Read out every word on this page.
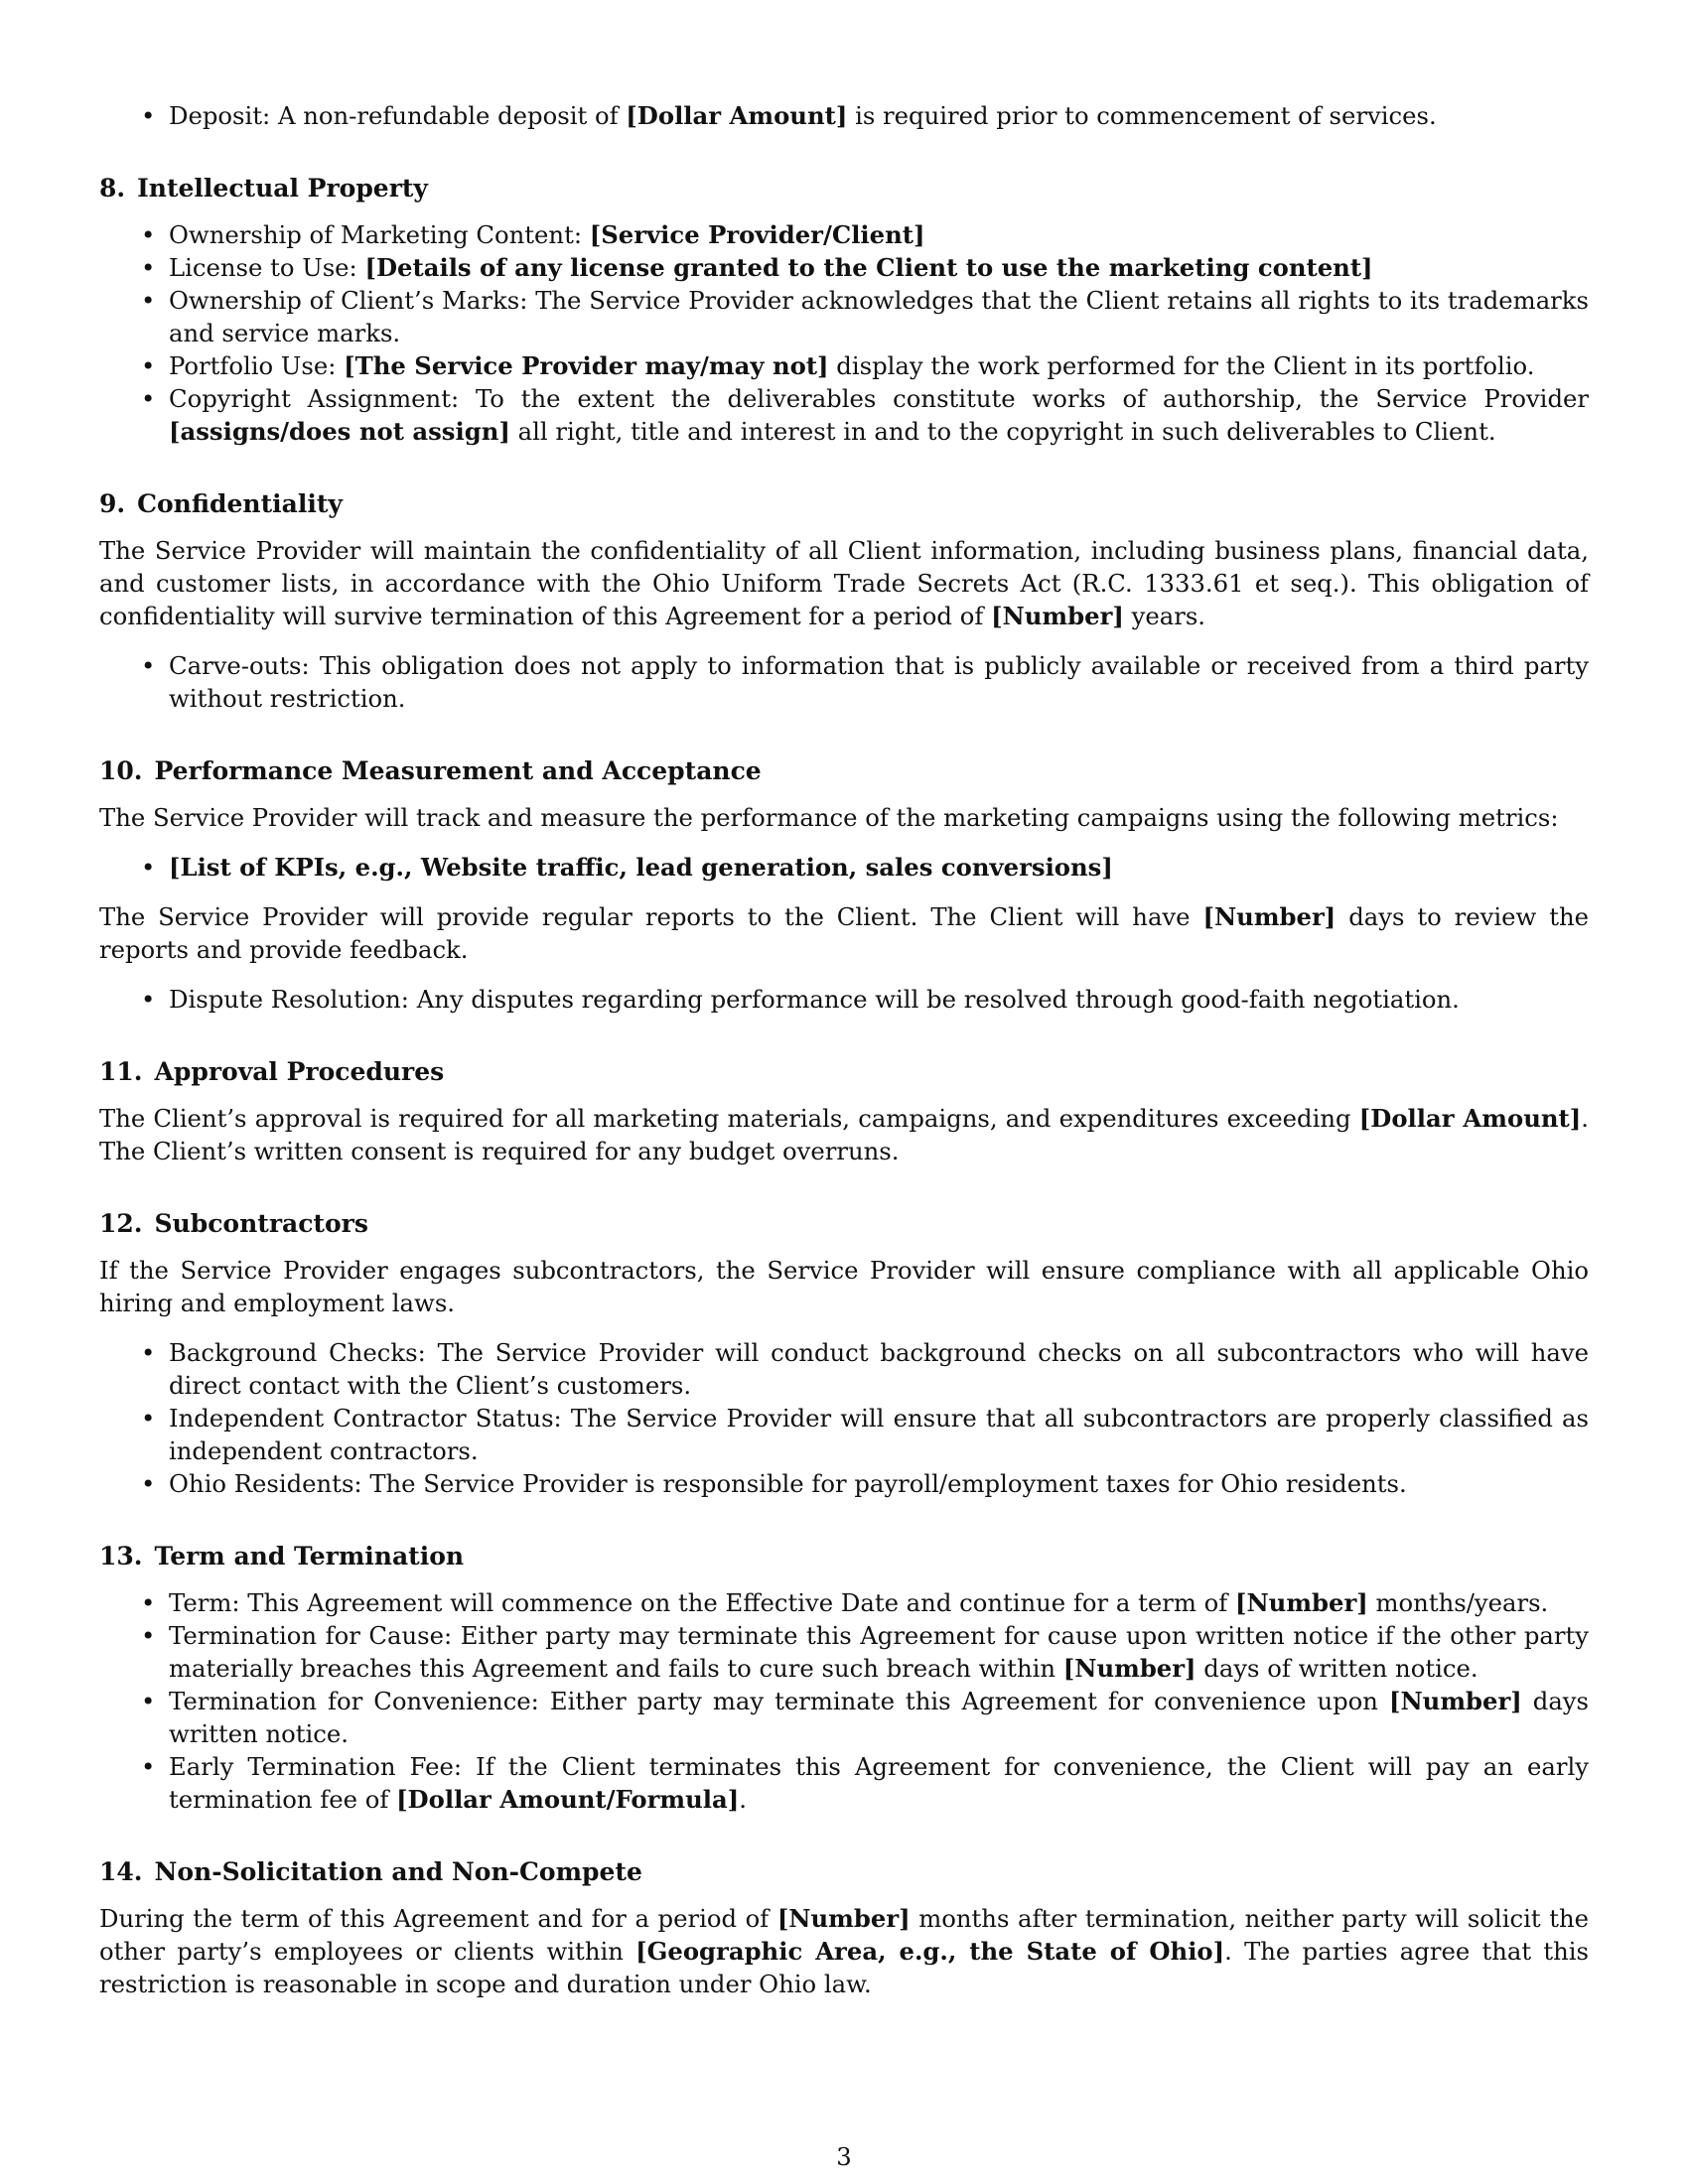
• Deposit: A non-refundable deposit of [Dollar Amount] is required prior to commencement of services.
8. Intellectual Property
• Ownership of Marketing Content: [Service Provider/Client]
• License to Use: [Details of any license granted to the Client to use the marketing content]
• Ownership of Client’s Marks: The Service Provider acknowledges that the Client retains all rights to its trademarks and service marks.
• Portfolio Use: [The Service Provider may/may not] display the work performed for the Client in its portfolio.
• Copyright Assignment: To the extent the deliverables constitute works of authorship, the Service Provider [assigns/does not assign] all right, title and interest in and to the copyright in such deliverables to Client.
9. Confidentiality

The Service Provider will maintain the confidentiality of all Client information, including business plans, financial data, and customer lists, in accordance with the Ohio Uniform Trade Secrets Act (R.C. 1333.61 et seq.). This obligation of confidentiality will survive termination of this Agreement for a period of [Number] years.

• Carve-outs: This obligation does not apply to information that is publicly available or received from a third party without restriction.
10. Performance Measurement and Acceptance

The Service Provider will track and measure the performance of the marketing campaigns using the following metrics:

• [List of KPIs, e.g., Website traffic, lead generation, sales conversions]

The Service Provider will provide regular reports to the Client. The Client will have [Number] days to review the reports and provide feedback.

• Dispute Resolution: Any disputes regarding performance will be resolved through good-faith negotiation.
11. Approval Procedures

The Client’s approval is required for all marketing materials, campaigns, and expenditures exceeding [Dollar Amount]. The Client’s written consent is required for any budget overruns.

12. Subcontractors

If the Service Provider engages subcontractors, the Service Provider will ensure compliance with all applicable Ohio hiring and employment laws.

• Background Checks: The Service Provider will conduct background checks on all subcontractors who will have direct contact with the Client’s customers.
• Independent Contractor Status: The Service Provider will ensure that all subcontractors are properly classified as independent contractors.
• Ohio Residents: The Service Provider is responsible for payroll/employment taxes for Ohio residents.
13. Term and Termination
• Term: This Agreement will commence on the Effective Date and continue for a term of [Number] months/years.
• Termination for Cause: Either party may terminate this Agreement for cause upon written notice if the other party materially breaches this Agreement and fails to cure such breach within [Number] days of written notice.
• Termination for Convenience: Either party may terminate this Agreement for convenience upon [Number] days written notice.
• Early Termination Fee: If the Client terminates this Agreement for convenience, the Client will pay an early termination fee of [Dollar Amount/Formula].
14. Non-Solicitation and Non-Compete

During the term of this Agreement and for a period of [Number] months after termination, neither party will solicit the other party’s employees or clients within [Geographic Area, e.g., the State of Ohio]. The parties agree that this restriction is reasonable in scope and duration under Ohio law.

3
